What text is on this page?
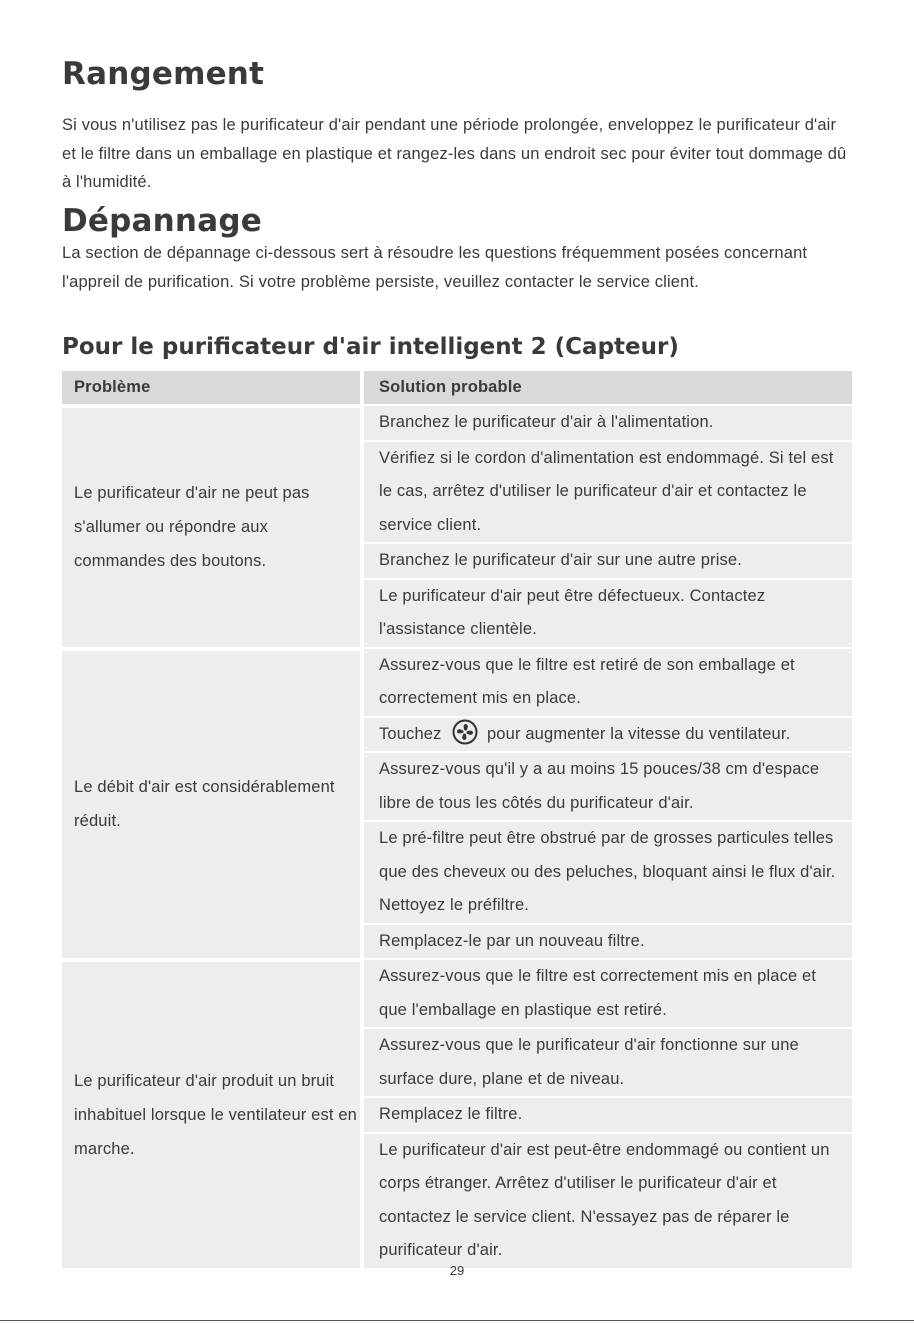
Rangement

Si vous n'utilisez pas le purificateur d'air pendant une période prolongée, enveloppez le purificateur d'air et le filtre dans un emballage en plastique et rangez-les dans un endroit sec pour éviter tout dommage dû à l'humidité.

Dépannage

La section de dépannage ci-dessous sert à résoudre les questions fréquemment posées concernant l'appreil de purification. Si votre problème persiste, veuillez contacter le service client.

Pour le purificateur d'air intelligent 2 (Capteur)
Problème	Solution probable
Le purificateur d'air ne peut pas s'allumer ou répondre aux commandes des boutons.	Branchez le purificateur d'air à l'alimentation.
	Vérifiez si le cordon d'alimentation est endommagé. Si tel est le cas, arrêtez d'utiliser le purificateur d'air et contactez le service client.
	Branchez le purificateur d'air sur une autre prise.
	Le purificateur d'air peut être défectueux. Contactez l'assistance clientèle.
Le débit d'air est considérablement réduit.	Assurez-vous que le filtre est retiré de son emballage et correctement mis en place.
	Touchez pour augmenter la vitesse du ventilateur.
	Assurez-vous qu'il y a au moins 15 pouces/38 cm d'espace libre de tous les côtés du purificateur d'air.
	Le pré-filtre peut être obstrué par de grosses particules telles que des cheveux ou des peluches, bloquant ainsi le flux d'air. Nettoyez le préfiltre.
	Remplacez-le par un nouveau filtre.
Le purificateur d'air produit un bruit inhabituel lorsque le ventilateur est en marche.	Assurez-vous que le filtre est correctement mis en place et que l'emballage en plastique est retiré.
	Assurez-vous que le purificateur d'air fonctionne sur une surface dure, plane et de niveau.
	Remplacez le filtre.
	Le purificateur d'air est peut-être endommagé ou contient un corps étranger. Arrêtez d'utiliser le purificateur d'air et contactez le service client. N'essayez pas de réparer le purificateur d'air.
29
